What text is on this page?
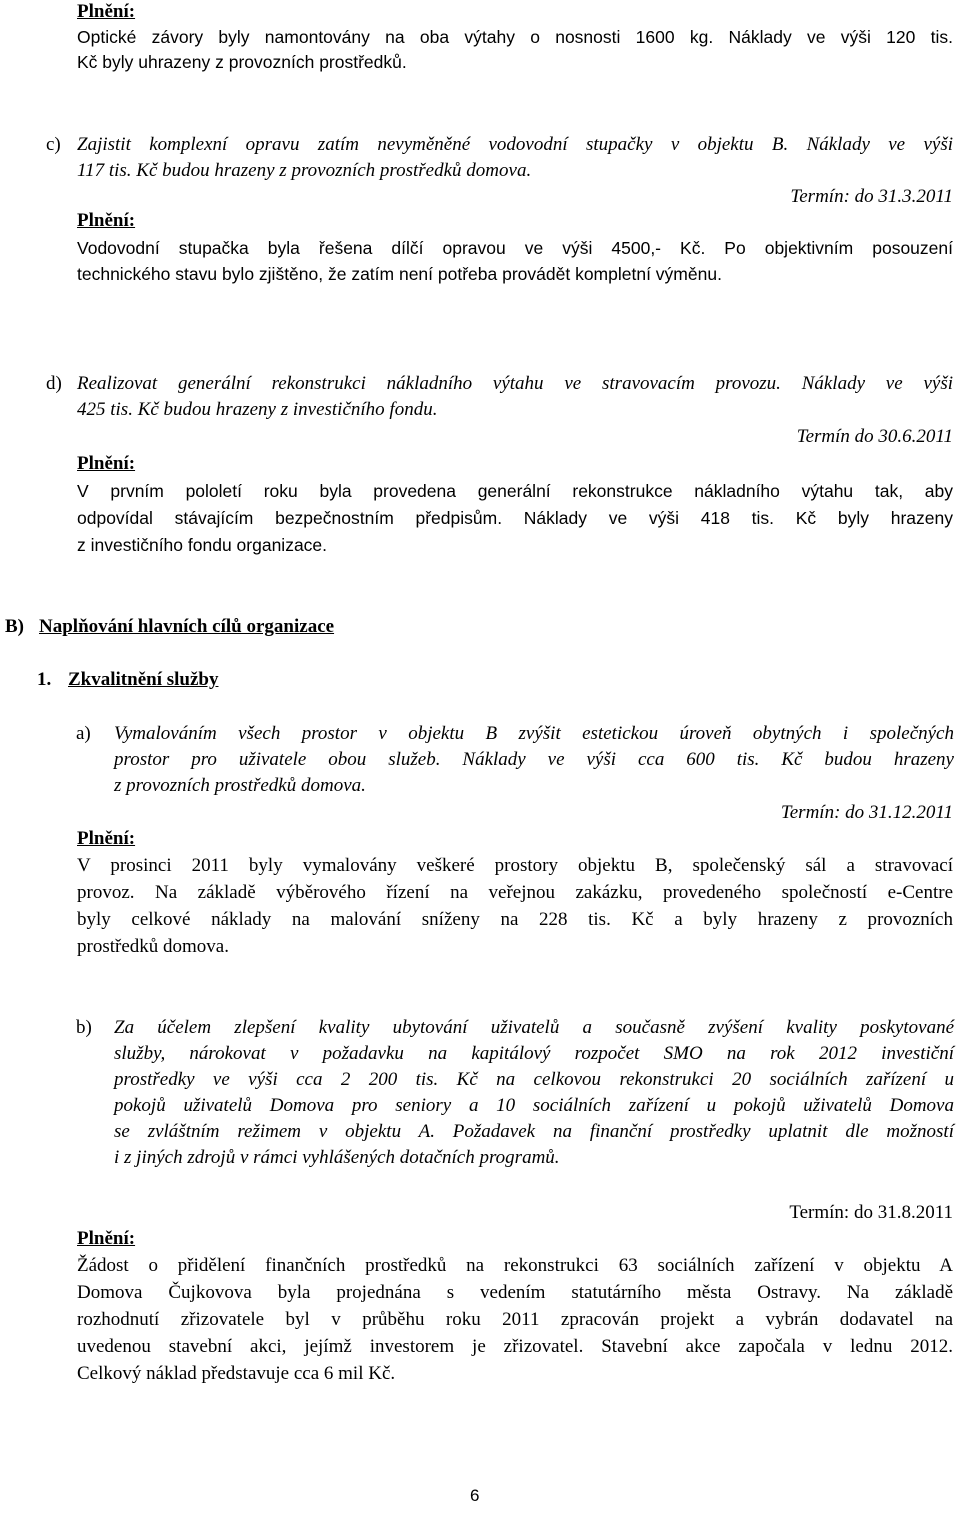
Plnění:
Optické závory byly namontovány na oba výtahy o nosnosti 1600 kg. Náklady ve výši 120 tis.
Kč byly uhrazeny z provozních prostředků.
c) Zajistit komplexní opravu zatím nevyměněné vodovodní stupačky v objektu B. Náklady ve výši
117 tis. Kč budou hrazeny z provozních prostředků domova.
Termín: do 31.3.2011
Plnění:
Vodovodní stupačka byla řešena dílčí opravou ve výši 4500,- Kč. Po objektivním posouzení
technického stavu bylo zjištěno, že zatím není potřeba provádět kompletní výměnu.
d) Realizovat generální rekonstrukci nákladního výtahu ve stravovacím provozu. Náklady ve výši
425 tis. Kč budou hrazeny z investičního fondu.
Termín do 30.6.2011
Plnění:
V prvním pololetí roku byla provedena generální rekonstrukce nákladního výtahu tak, aby
odpovídal stávajícím bezpečnostním předpisům. Náklady ve výši 418 tis. Kč byly hrazeny
z investičního fondu organizace.
B) Naplňování hlavních cílů organizace
1. Zkvalitnění služby
a) Vymalováním všech prostor v objektu B zvýšit estetickou úroveň obytných i společných
prostor pro uživatele obou služeb. Náklady ve výši cca 600 tis. Kč budou hrazeny
z provozních prostředků domova.
Termín: do 31.12.2011
Plnění:
V prosinci 2011 byly vymalovány veškeré prostory objektu B, společenský sál a stravovací
provoz. Na základě výběrového řízení na veřejnou zakázku, provedeného společností e-Centre
byly celkové náklady na malování sníženy na 228 tis. Kč a byly hrazeny z provozních
prostředků domova.
b) Za účelem zlepšení kvality ubytování uživatelů a současně zvýšení kvality poskytované
služby, nárokovat v požadavku na kapitálový rozpočet SMO na rok 2012 investiční
prostředky ve výši cca 2 200 tis. Kč na celkovou rekonstrukci 20 sociálních zařízení u
pokojů uživatelů Domova pro seniory a 10 sociálních zařízení u pokojů uživatelů Domova
se zvláštním režimem v objektu A. Požadavek na finanční prostředky uplatnit dle možností
i z jiných zdrojů v rámci vyhlášených dotačních programů.
Termín: do 31.8.2011
Plnění:
Žádost o přidělení finančních prostředků na rekonstrukci 63 sociálních zařízení v objektu A
Domova Čujkovova byla projednána s vedením statutárního města Ostravy. Na základě
rozhodnutí zřizovatele byl v průběhu roku 2011 zpracován projekt a vybrán dodavatel na
uvedenou stavební akci, jejímž investorem je zřizovatel. Stavební akce započala v lednu 2012.
Celkový náklad představuje cca 6 mil Kč.
6
